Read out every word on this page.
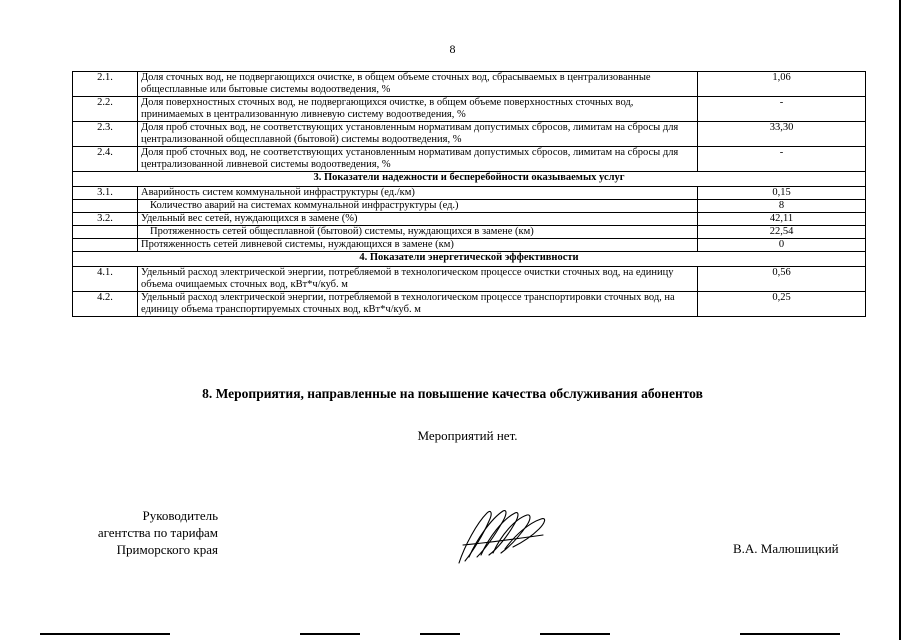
8
2.1.	Доля сточных вод, не подвергающихся очистке, в общем объеме сточных вод, сбрасываемых в централизованные общесплавные или бытовые системы водоотведения, %	1,06
2.2.	Доля поверхностных сточных вод, не подвергающихся очистке, в общем объеме поверхностных сточных вод, принимаемых в централизованную ливневую систему водоотведения, %	-
2.3.	Доля проб сточных вод, не соответствующих установленным нормативам допустимых сбросов, лимитам на сбросы для централизованной общесплавной (бытовой) системы водоотведения, %	33,30
2.4.	Доля проб сточных вод, не соответствующих установленным нормативам допустимых сбросов, лимитам на сбросы для централизованной ливневой системы водоотведения, %	-
3. Показатели надежности и бесперебойности оказываемых услуг		
3.1.	Аварийность систем коммунальной инфраструктуры (ед./км)	0,15
	Количество аварий на системах коммунальной инфраструктуры (ед.)	8
3.2.	Удельный вес сетей, нуждающихся в замене (%)	42,11
	Протяженность сетей общесплавной (бытовой) системы, нуждающихся в замене (км)	22,54
	Протяженность сетей ливневой системы, нуждающихся в замене (км)	0
4. Показатели энергетической эффективности		
4.1.	Удельный расход электрической энергии, потребляемой в технологическом процессе очистки сточных вод, на единицу объема очищаемых сточных вод, кВт*ч/куб. м	0,56
4.2.	Удельный расход электрической энергии, потребляемой в технологическом процессе транспортировки сточных вод, на единицу объема транспортируемых сточных вод, кВт*ч/куб. м	0,25
8. Мероприятия, направленные на повышение качества обслуживания абонентов
Мероприятий нет.
Руководитель
агентства по тарифам
Приморского края	В.А. Малюшицкий
